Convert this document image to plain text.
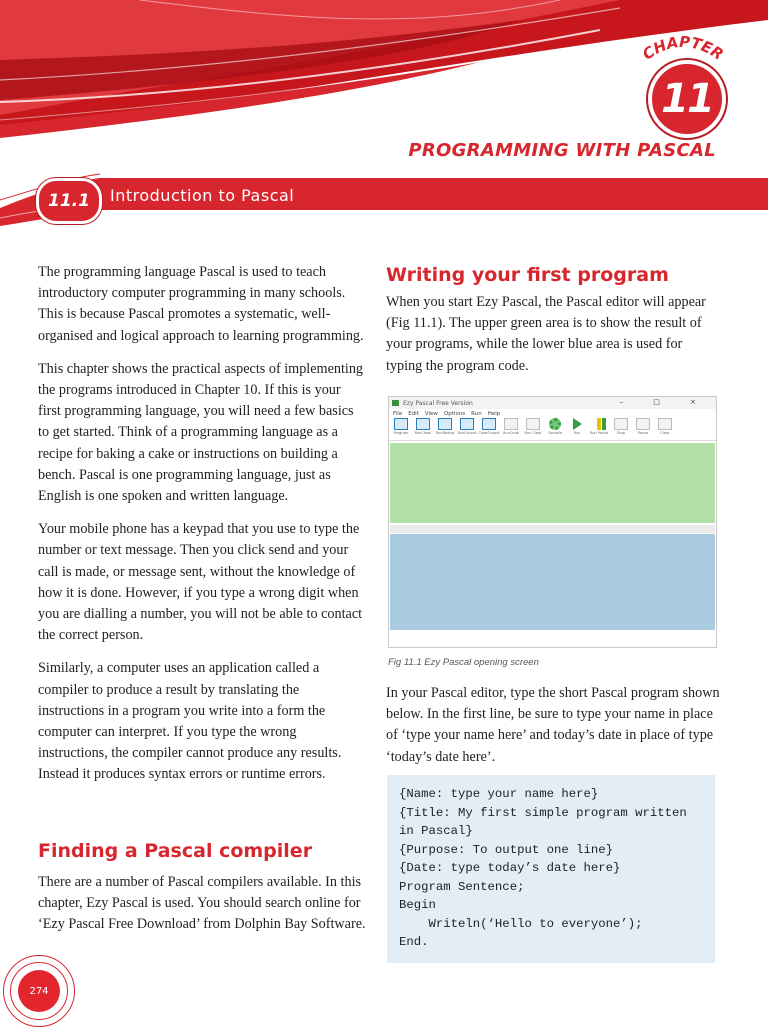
CHAPTER
11
PROGRAMMING WITH PASCAL
11.1	Introduction to Pascal

The programming language Pascal is used to teach introductory computer programming in many schools. This is because Pascal promotes a systematic, well-organised and logical approach to learning programming.

This chapter shows the practical aspects of implementing the programs introduced in Chapter 10. If this is your first programming language, you will need a few basics to get started. Think of a programming language as a recipe for baking a cake or instructions on building a bench. Pascal is one programming language, just as English is one spoken and written language.

Your mobile phone has a keypad that you use to type the number or text message. Then you click send and your call is made, or message sent, without the knowledge of how it is done. However, if you type a wrong digit when you are dialling a number, you will not be able to contact the correct person.

Similarly, a computer uses an application called a compiler to produce a result by translating the instructions in a program you write into a form the computer can interpret. If you type the wrong instructions, the compiler cannot produce any results. Instead it produces syntax errors or runtime errors.

Finding a Pascal compiler

There are a number of Pascal compilers available. In this chapter, Ezy Pascal is used. You should search online for ‘Ezy Pascal Free Download’ from Dolphin Bay Software.

Writing your first program

When you start Ezy Pascal, the Pascal editor will appear (Fig 11.1). The upper green area is to show the result of your programs, while the lower blue area is used for typing the program code.

Ezy Pascal Free Version	– □ ×
File Edit View Options Run Help
Program RunClean RunDebug RunOutput ClearOutput RunCode Run Clear Compile	Run	Run Pause	Stop	Pause	Clear
Fig 11.1 Ezy Pascal opening screen

In your Pascal editor, type the short Pascal program shown below. In the first line, be sure to type your name in place of ‘type your name here’ and today’s date in place of type ‘today’s date here’.

{Name: type your name here}
{Title: My first simple program written
in Pascal}
{Purpose: To output one line}
{Date: type today’s date here}
Program Sentence;
Begin
Writeln(‘Hello to everyone’);
End.
274
